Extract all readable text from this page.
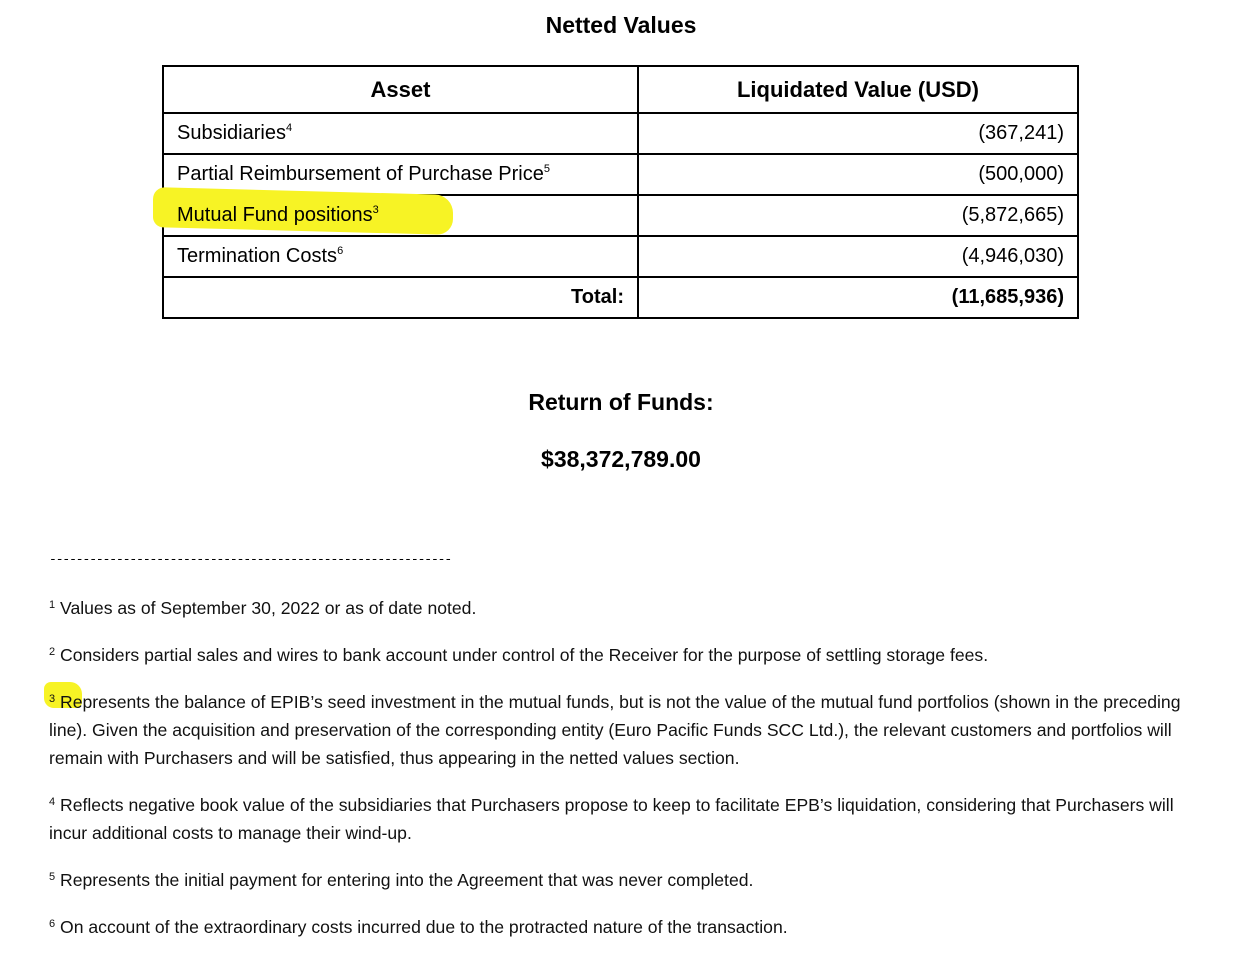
Netted Values
Asset	Liquidated Value (USD)
Subsidiaries$^4$	(367,241)
Partial Reimbursement of Purchase Price$^5$	(500,000)

Mutual Fund positions$^3$	(5,872,665)
Termination Costs$^6$	(4,946,030)
Total:	(11,685,936)
Return of Funds:
$38,372,789.00
------------------------------------------------------------

$^1$ Values as of September 30, 2022 or as of date noted.

$^2$ Considers partial sales and wires to bank account under control of the Receiver for the purpose of settling storage fees.

$^3$ Represents the balance of EPIB’s seed investment in the mutual funds, but is not the value of the mutual fund portfolios (shown in the preceding line). Given the acquisition and preservation of the corresponding entity (Euro Pacific Funds SCC Ltd.), the relevant customers and portfolios will remain with Purchasers and will be satisfied, thus appearing in the netted values section.

$^4$ Reflects negative book value of the subsidiaries that Purchasers propose to keep to facilitate EPB’s liquidation, considering that Purchasers will incur additional costs to manage their wind-up.

$^5$ Represents the initial payment for entering into the Agreement that was never completed.

$^6$ On account of the extraordinary costs incurred due to the protracted nature of the transaction.
